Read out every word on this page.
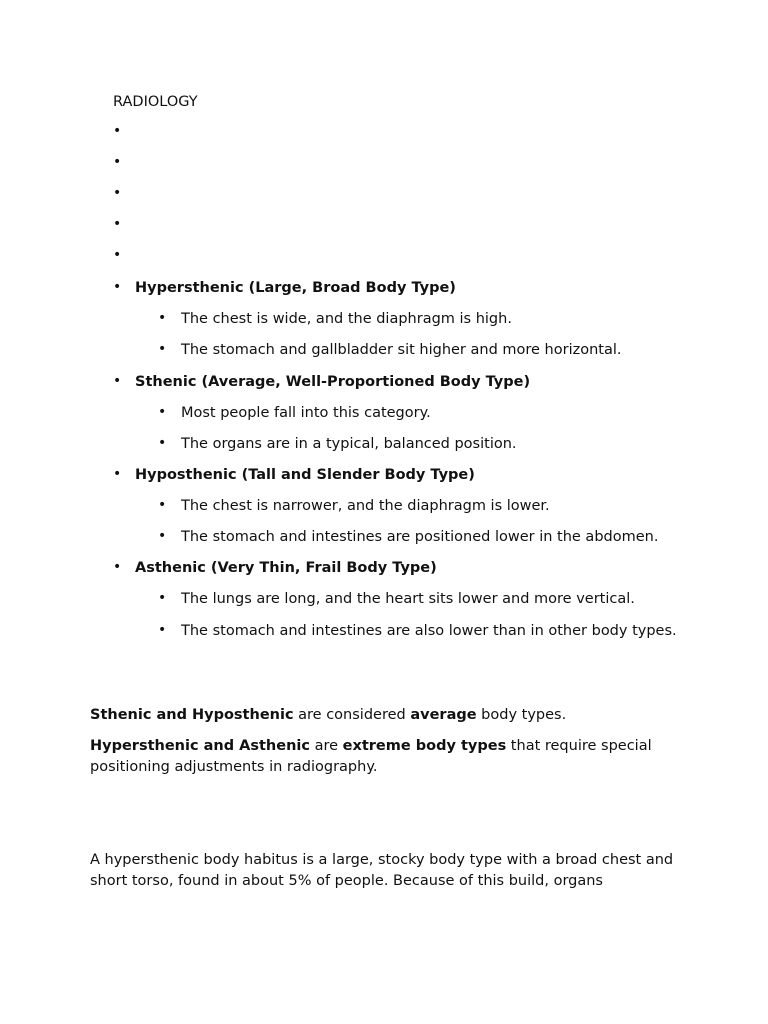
RADIOLOGY
•
•
•
•
•
• Hypersthenic (Large, Broad Body Type)
• The chest is wide, and the diaphragm is high.
• The stomach and gallbladder sit higher and more horizontal.
• Sthenic (Average, Well-Proportioned Body Type)
• Most people fall into this category.
• The organs are in a typical, balanced position.
• Hyposthenic (Tall and Slender Body Type)
• The chest is narrower, and the diaphragm is lower.
• The stomach and intestines are positioned lower in the abdomen.
• Asthenic (Very Thin, Frail Body Type)
• The lungs are long, and the heart sits lower and more vertical.
• The stomach and intestines are also lower than in other body types.
Sthenic and Hyposthenic are considered average body types.
Hypersthenic and Asthenic are extreme body types that require special positioning adjustments in radiography.
A hypersthenic body habitus is a large, stocky body type with a broad chest and short torso, found in about 5% of people. Because of this build, organs
